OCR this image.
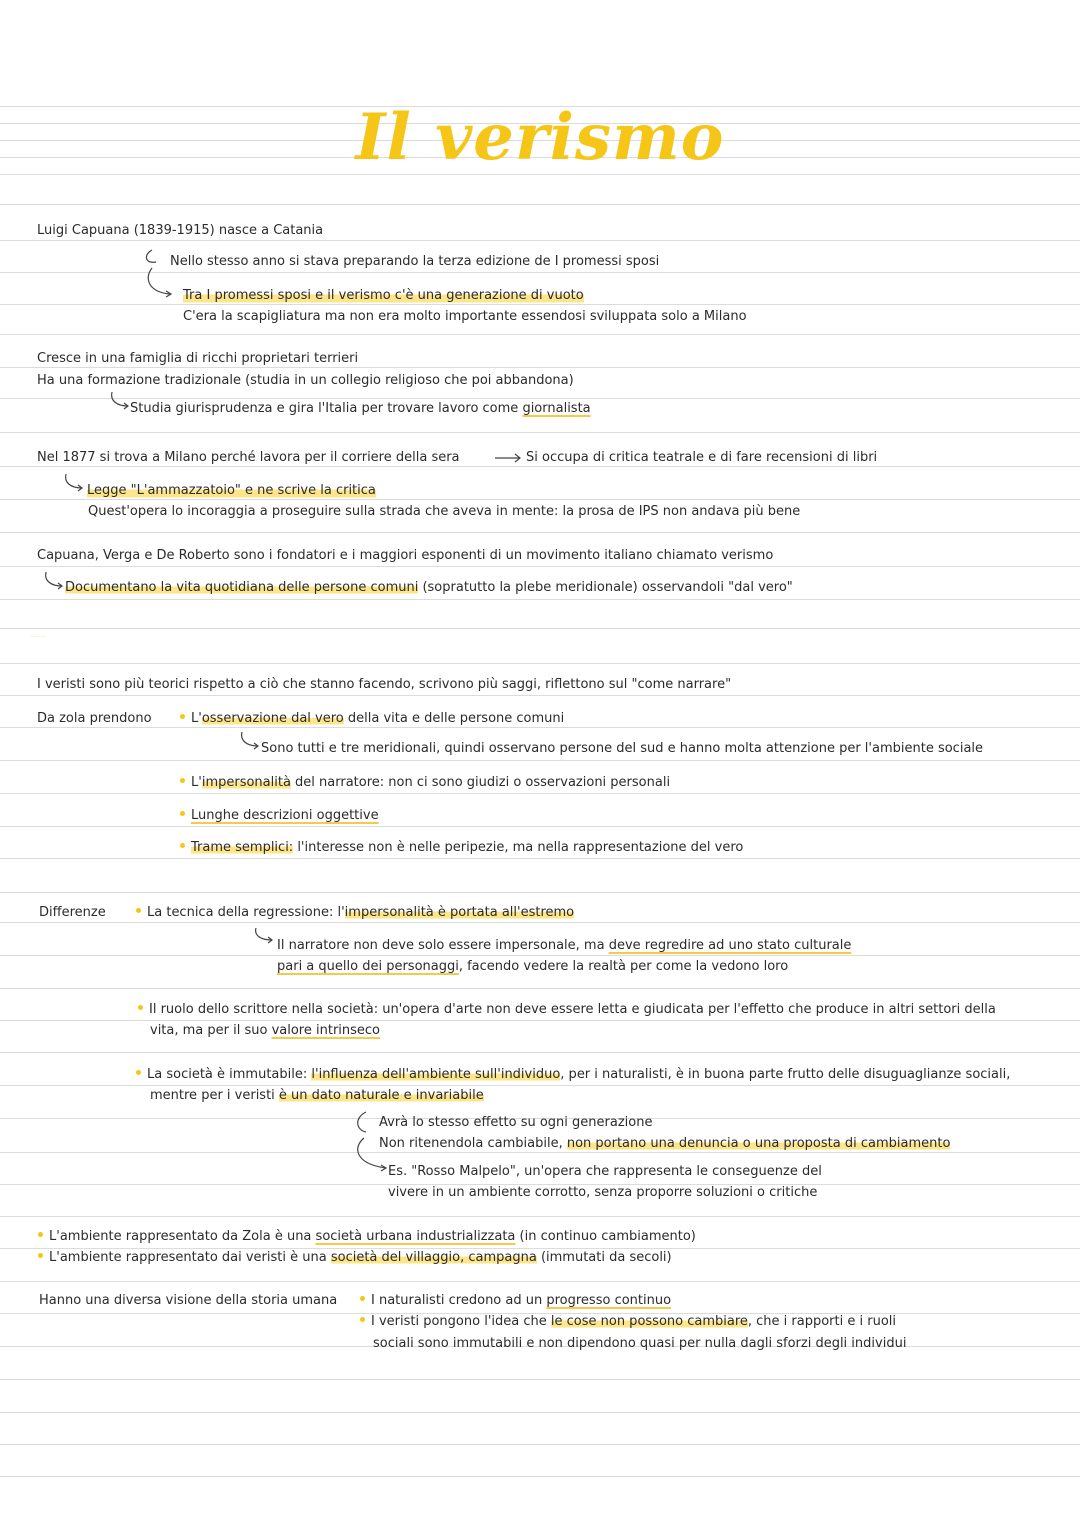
Il verismo
Luigi Capuana (1839-1915) nasce a Catania
Nello stesso anno si stava preparando la terza edizione de I promessi sposi
Tra I promessi sposi e il verismo c'è una generazione di vuoto
C'era la scapigliatura ma non era molto importante essendosi sviluppata solo a Milano
Cresce in una famiglia di ricchi proprietari terrieri
Ha una formazione tradizionale (studia in un collegio religioso che poi abbandona)
Studia giurisprudenza e gira l'Italia per trovare lavoro come giornalista
Nel 1877 si trova a Milano perché lavora per il corriere della sera	Si occupa di critica teatrale e di fare recensioni di libri
Legge "L'ammazzatoio" e ne scrive la critica
Quest'opera lo incoraggia a proseguire sulla strada che aveva in mente: la prosa de IPS non andava più bene
Capuana, Verga e De Roberto sono i fondatori e i maggiori esponenti di un movimento italiano chiamato verismo
Documentano la vita quotidiana delle persone comuni (sopratutto la plebe meridionale) osservandoli "dal vero"
I veristi sono più teorici rispetto a ciò che stanno facendo, scrivono più saggi, riflettono sul "come narrare"
Da zola prendono	L'osservazione dal vero della vita e delle persone comuni
Sono tutti e tre meridionali, quindi osservano persone del sud e hanno molta attenzione per l'ambiente sociale
L'impersonalità del narratore: non ci sono giudizi o osservazioni personali
Lunghe descrizioni oggettive
Trame semplici: l'interesse non è nelle peripezie, ma nella rappresentazione del vero
Differenze	La tecnica della regressione: l'impersonalità è portata all'estremo
Il narratore non deve solo essere impersonale, ma deve regredire ad uno stato culturale
pari a quello dei personaggi, facendo vedere la realtà per come la vedono loro
Il ruolo dello scrittore nella società: un'opera d'arte non deve essere letta e giudicata per l'effetto che produce in altri settori della
vita, ma per il suo valore intrinseco
La società è immutabile: l'influenza dell'ambiente sull'individuo, per i naturalisti, è in buona parte frutto delle disuguaglianze sociali,
mentre per i veristi è un dato naturale e invariabile
Avrà lo stesso effetto su ogni generazione
Non ritenendola cambiabile, non portano una denuncia o una proposta di cambiamento
Es. "Rosso Malpelo", un'opera che rappresenta le conseguenze del
vivere in un ambiente corrotto, senza proporre soluzioni o critiche
L'ambiente rappresentato da Zola è una società urbana industrializzata (in continuo cambiamento)
L'ambiente rappresentato dai veristi è una società del villaggio, campagna (immutati da secoli)
Hanno una diversa visione della storia umana	I naturalisti credono ad un progresso continuo
I veristi pongono l'idea che le cose non possono cambiare, che i rapporti e i ruoli
sociali sono immutabili e non dipendono quasi per nulla dagli sforzi degli individui
